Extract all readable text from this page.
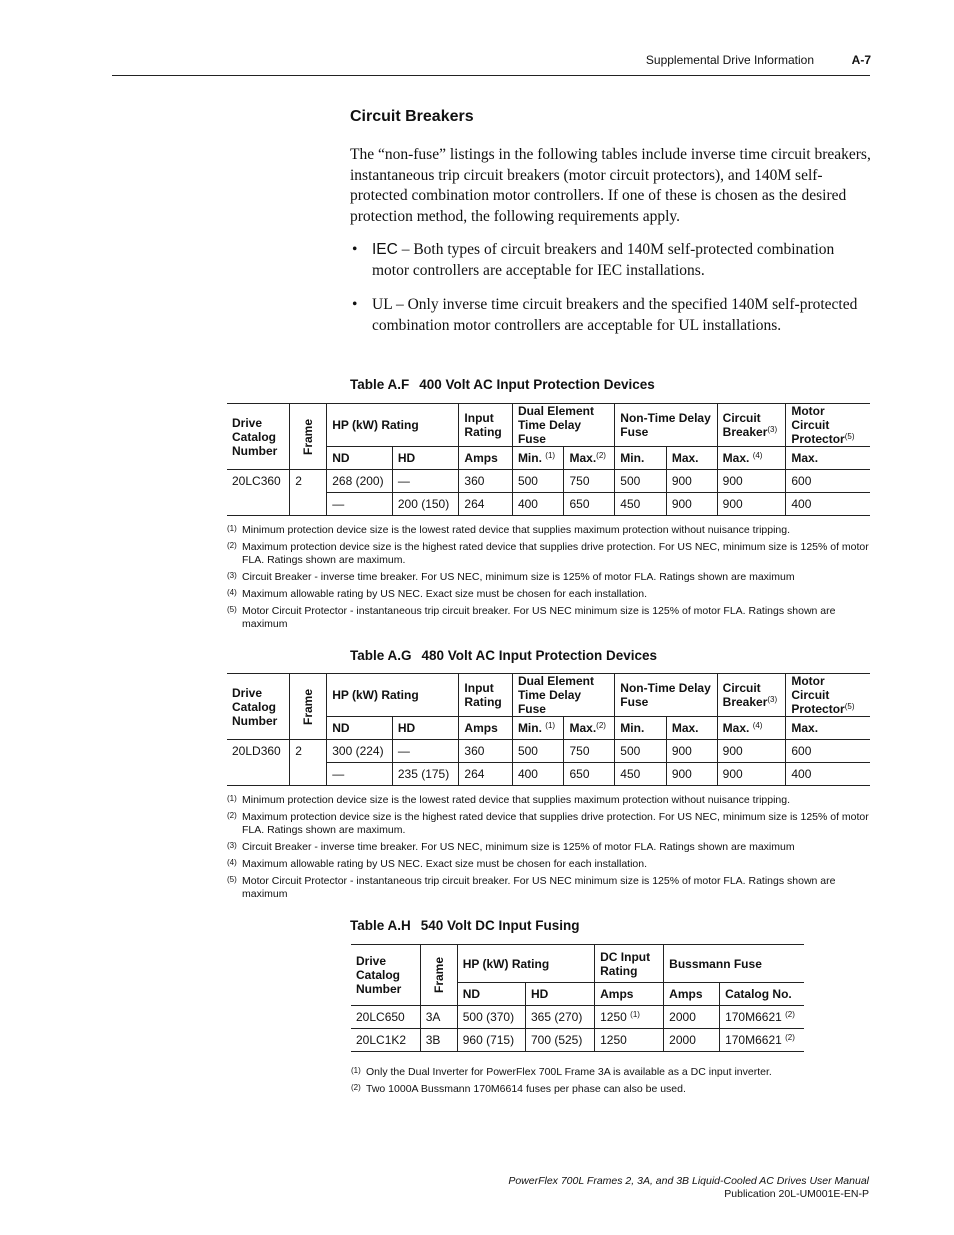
Supplemental Drive Information	A-7
Circuit Breakers

The “non-fuse” listings in the following tables include inverse time circuit breakers, instantaneous trip circuit breakers (motor circuit protectors), and 140M self-protected combination motor controllers. If one of these is chosen as the desired protection method, the following requirements apply.

• IEC – Both types of circuit breakers and 140M self-protected combination motor controllers are acceptable for IEC installations.
• UL – Only inverse time circuit breakers and the specified 140M self-protected combination motor controllers are acceptable for UL installations.
Table A.F 400 Volt AC Input Protection Devices
Drive Catalog Number	Frame	HP (kW) Rating		Input Rating	Dual Element Time Delay Fuse		Non-Time Delay Fuse		Circuit Breaker$^{(3)}$	Motor Circuit Protector$^{(5)}$
		ND	HD	Amps	Min. $^{(1)}$	Max.$^{(2)}$	Min.	Max.	Max. $^{(4)}$	Max.
20LC360	2	268 (200)	—	360	500	750	500	900	900	600
		—	200 (150)	264	400	650	450	900	900	400
(1) Minimum protection device size is the lowest rated device that supplies maximum protection without nuisance tripping.
(2) Maximum protection device size is the highest rated device that supplies drive protection. For US NEC, minimum size is 125% of motor FLA. Ratings shown are maximum.
(3) Circuit Breaker - inverse time breaker. For US NEC, minimum size is 125% of motor FLA. Ratings shown are maximum
(4) Maximum allowable rating by US NEC. Exact size must be chosen for each installation.
(5) Motor Circuit Protector - instantaneous trip circuit breaker. For US NEC minimum size is 125% of motor FLA. Ratings shown are maximum
Table A.G 480 Volt AC Input Protection Devices
Drive Catalog Number	Frame	HP (kW) Rating		Input Rating	Dual Element Time Delay Fuse		Non-Time Delay Fuse		Circuit Breaker$^{(3)}$	Motor Circuit Protector$^{(5)}$
		ND	HD	Amps	Min. $^{(1)}$	Max.$^{(2)}$	Min.	Max.	Max. $^{(4)}$	Max.
20LD360	2	300 (224)	—	360	500	750	500	900	900	600
		—	235 (175)	264	400	650	450	900	900	400
(1) Minimum protection device size is the lowest rated device that supplies maximum protection without nuisance tripping.
(2) Maximum protection device size is the highest rated device that supplies drive protection. For US NEC, minimum size is 125% of motor FLA. Ratings shown are maximum.
(3) Circuit Breaker - inverse time breaker. For US NEC, minimum size is 125% of motor FLA. Ratings shown are maximum
(4) Maximum allowable rating by US NEC. Exact size must be chosen for each installation.
(5) Motor Circuit Protector - instantaneous trip circuit breaker. For US NEC minimum size is 125% of motor FLA. Ratings shown are maximum
Table A.H 540 Volt DC Input Fusing
Drive Catalog Number	Frame	HP (kW) Rating		DC Input Rating	Bussmann Fuse	
		ND	HD	Amps	Amps	Catalog No.
20LC650	3A	500 (370)	365 (270)	1250 $^{(1)}$	2000	170M6621 $^{(2)}$
20LC1K2	3B	960 (715)	700 (525)	1250	2000	170M6621 $^{(2)}$
(1) Only the Dual Inverter for PowerFlex 700L Frame 3A is available as a DC input inverter.
(2) Two 1000A Bussmann 170M6614 fuses per phase can also be used.
PowerFlex 700L Frames 2, 3A, and 3B Liquid-Cooled AC Drives User Manual
Publication 20L-UM001E-EN-P
